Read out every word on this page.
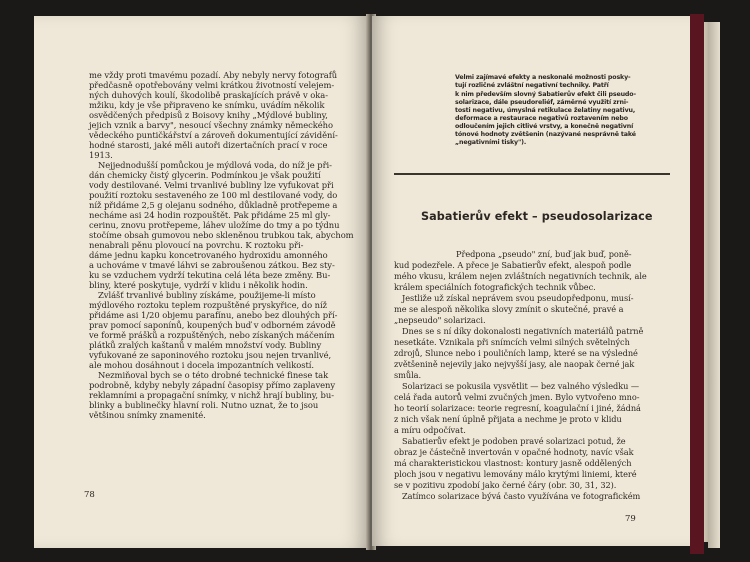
me vždy proti tmavému pozadí. Aby nebyly nervy fotografů
předčasně opotřebovány velmi krátkou životností velejem-
ných duhových koulí, škodolibě praskajících právě v oka-
mžiku, kdy je vše připraveno ke snímku, uvádím několik
osvědčených předpisů z Boisovy knihy „Mýdlové bubliny,
jejich vznik a barvy", nesoucí všechny známky německého
vědeckého puntičkářství a zároveň dokumentující závidění-
hodné starosti, jaké měli autoři dizertačních prací v roce
1913.
Nejjednodušší pomůckou je mýdlová voda, do níž je při-
dán chemicky čistý glycerin. Podmínkou je však použití
vody destilované. Velmi trvanlivé bubliny lze vyfukovat při
použití roztoku sestaveného ze 100 ml destilované vody, do
níž přidáme 2,5 g olejanu sodného, důkladně protřepeme a
necháme asi 24 hodin rozpouštět. Pak přidáme 25 ml gly-
cerinu, znovu protřepeme, láhev uložíme do tmy a po týdnu
stočíme obsah gumovou nebo skleněnou trubkou tak, abychom
nenabrali pěnu plovoucí na povrchu. K roztoku při-
dáme jednu kapku koncetrovaného hydroxidu amonného
a uchováme v tmavé láhvi se zabroušenou zátkou. Bez sty-
ku se vzduchem vydrží tekutina celá léta beze změny. Bu-
bliny, které poskytuje, vydrží v klidu i několik hodin.
Zvlášť trvanlivé bubliny získáme, použijeme-li místo
mýdlového roztoku teplem rozpuštěné pryskyřice, do níž
přidáme asi 1/20 objemu parafínu, anebo bez dlouhých pří-
prav pomocí saponínů, koupených buď v odborném závodě
ve formě prášků a rozpuštěných, nebo získaných máčením
plátků zralých kaštanů v malém množství vody. Bubliny
vyfukované ze saponinového roztoku jsou nejen trvanlivé,
ale mohou dosáhnout i docela impozantních velikostí.
Nezmiňoval bych se o této drobné technické finese tak
podrobně, kdyby nebyly západní časopisy přímo zaplaveny
reklamními a propagační snímky, v nichž hrají bubliny, bu-
blinky a bublinečky hlavní roli. Nutno uznat, že to jsou
většinou snímky znamenité.
78
Velmi zajímavé efekty a neskonalé možnosti posky-
tují rozličné zvláštní negativní techniky. Patří
k nim především slovný Sabatierův efekt čili pseudo-
solarizace, dále pseudoreliéf, záměrné využití zrni-
tosti negativu, úmyslná retikulace želatiny negativu,
deformace a restaurace negativů roztavením nebo
odloučením jejich citlivé vrstvy, a konečně negativní
tónové hodnoty zvětšenin (nazývané nesprávně také
„negativními tisky").
Sabatierův efekt – pseudosolarizace
Předpona „pseudo" zní, buď jak buď, poně-
kud podezřele. A přece je Sabatierův efekt, alespoň podle
mého vkusu, králem nejen zvláštních negativních technik, ale
králem speciálních fotografických technik vůbec.
Jestliže už získal neprávem svou pseudopředponu, musí-
me se alespoň několika slovy zmínit o skutečné, pravé a
„nepseudo" solarizaci.
Dnes se s ní díky dokonalosti negativních materiálů patrně
nesetkáte. Vznikala při snímcích velmi silných světelných
zdrojů, Slunce nebo i pouličních lamp, které se na výsledné
zvětšenině nejevily jako nejvyšší jasy, ale naopak černé jak
smůla.
Solarizaci se pokusila vysvětlit — bez valného výsledku —
celá řada autorů velmi zvučných jmen. Bylo vytvořeno mno-
ho teorií solarizace: teorie regresní, koagulační i jiné, žádná
z nich však není úplně přijata a nechme je proto v klidu
a míru odpočívat.
Sabatierův efekt je podoben pravé solarizaci potud, že
obraz je částečně invertován v opačné hodnoty, navíc však
má charakteristickou vlastnost: kontury jasně oddělených
ploch jsou v negativu lemovány málo krytými liniemi, které
se v pozitivu zpodobí jako černé čáry (obr. 30, 31, 32).
Zatímco solarizace bývá často využívána ve fotografickém
79
